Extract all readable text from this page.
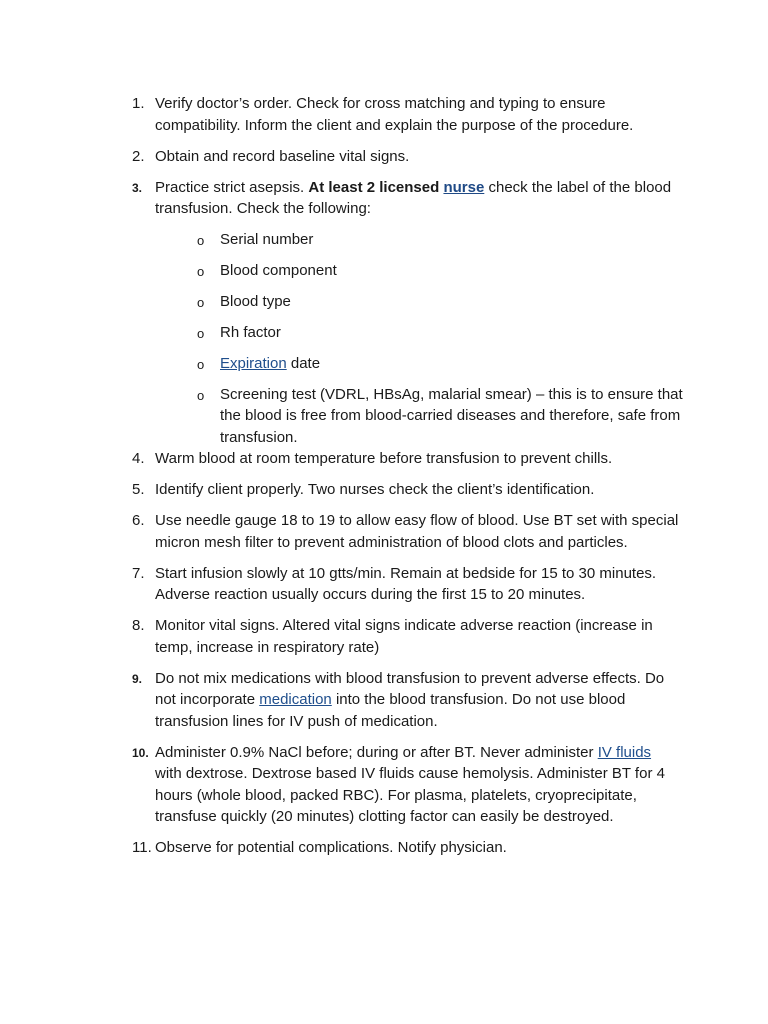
1. Verify doctor’s order. Check for cross matching and typing to ensure compatibility. Inform the client and explain the purpose of the procedure.
2. Obtain and record baseline vital signs.
3. Practice strict asepsis. At least 2 licensed nurse check the label of the blood transfusion. Check the following:
o Serial number
o Blood component
o Blood type
o Rh factor
o Expiration date
o Screening test (VDRL, HBsAg, malarial smear) – this is to ensure that the blood is free from blood-carried diseases and therefore, safe from transfusion.
4. Warm blood at room temperature before transfusion to prevent chills.
5. Identify client properly. Two nurses check the client’s identification.
6. Use needle gauge 18 to 19 to allow easy flow of blood. Use BT set with special micron mesh filter to prevent administration of blood clots and particles.
7. Start infusion slowly at 10 gtts/min. Remain at bedside for 15 to 30 minutes. Adverse reaction usually occurs during the first 15 to 20 minutes.
8. Monitor vital signs. Altered vital signs indicate adverse reaction (increase in temp, increase in respiratory rate)
9. Do not mix medications with blood transfusion to prevent adverse effects. Do not incorporate medication into the blood transfusion. Do not use blood transfusion lines for IV push of medication.
10. Administer 0.9% NaCl before; during or after BT. Never administer IV fluids with dextrose. Dextrose based IV fluids cause hemolysis. Administer BT for 4 hours (whole blood, packed RBC). For plasma, platelets, cryoprecipitate, transfuse quickly (20 minutes) clotting factor can easily be destroyed.
11. Observe for potential complications. Notify physician.
